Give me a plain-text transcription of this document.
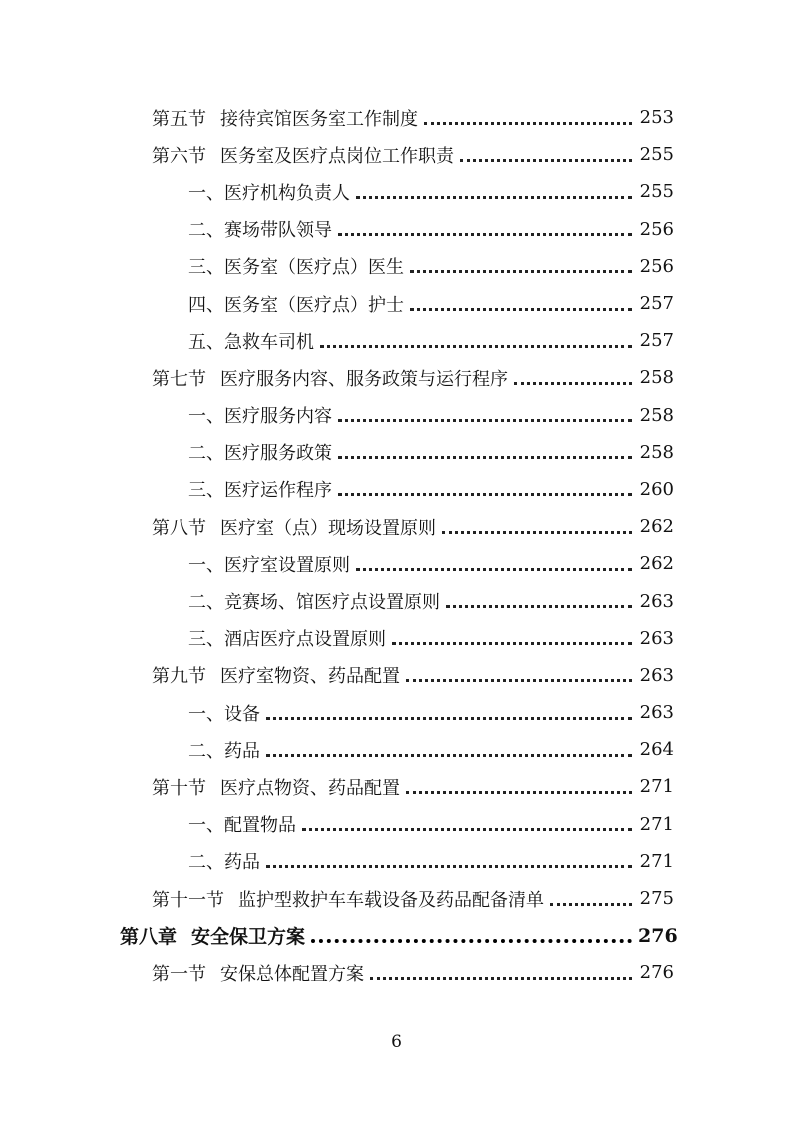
第五节 接待宾馆医务室工作制度	253
第六节 医务室及医疗点岗位工作职责	255
一、医疗机构负责人	255
二、赛场带队领导	256
三、医务室（医疗点）医生	256
四、医务室（医疗点）护士	257
五、急救车司机	257
第七节 医疗服务内容、服务政策与运行程序	258
一、医疗服务内容	258
二、医疗服务政策	258
三、医疗运作程序	260
第八节 医疗室（点）现场设置原则	262
一、医疗室设置原则	262
二、竞赛场、馆医疗点设置原则	263
三、酒店医疗点设置原则	263
第九节 医疗室物资、药品配置	263
一、设备	263
二、药品	264
第十节 医疗点物资、药品配置	271
一、配置物品	271
二、药品	271
第十一节 监护型救护车车载设备及药品配备清单	275
第八章 安全保卫方案	276
第一节 安保总体配置方案	276
6
